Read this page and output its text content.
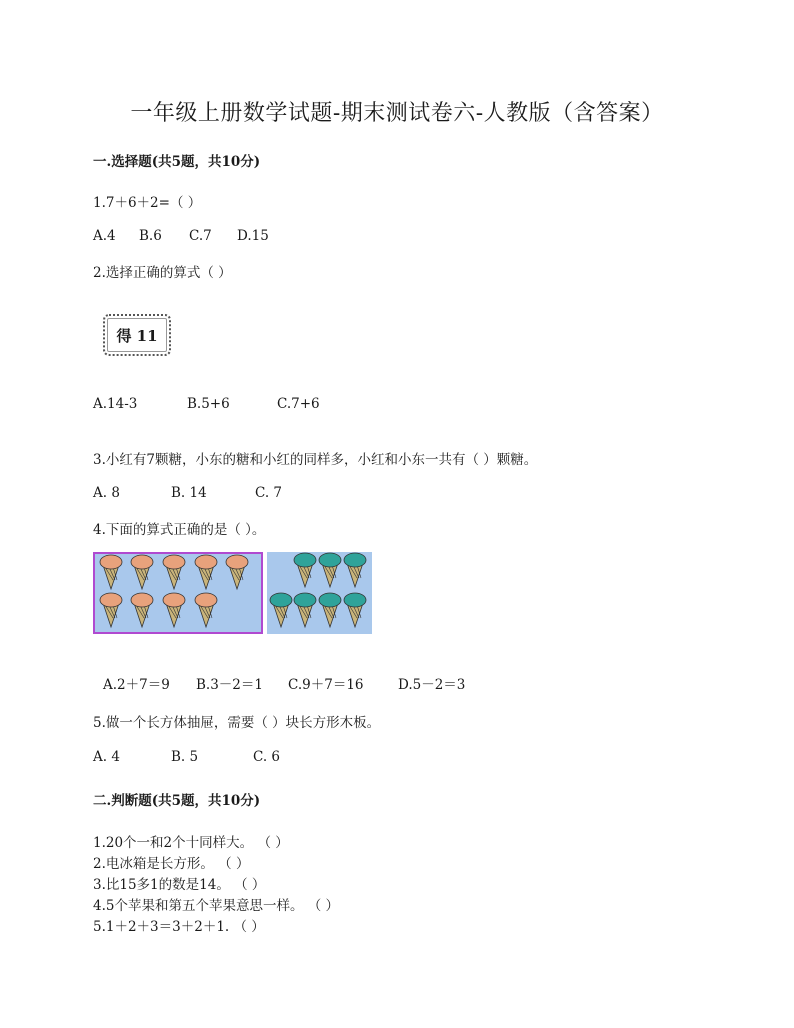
一年级上册数学试题-期末测试卷六-人教版（含答案）
一.选择题(共5题，共10分)
1.7＋6＋2=（ ）
A.4	B.6	C.7	D.15
2.选择正确的算式（ ）
得 11
A.14-3	B.5+6	C.7+6
3.小红有7颗糖，小东的糖和小红的同样多，小红和小东一共有（ ）颗糖。
A. 8	B. 14	C. 7
4.下面的算式正确的是（ ）。
A.2＋7＝9	B.3－2＝1	C.9＋7＝16	D.5－2＝3
5.做一个长方体抽屉，需要（ ）块长方形木板。
A. 4	B. 5	C. 6
二.判断题(共5题，共10分)
1.20个一和2个十同样大。 （ ）
2.电冰箱是长方形。 （ ）
3.比15多1的数是14。 （ ）
4.5个苹果和第五个苹果意思一样。 （ ）
5.1＋2＋3＝3＋2＋1. （ ）
